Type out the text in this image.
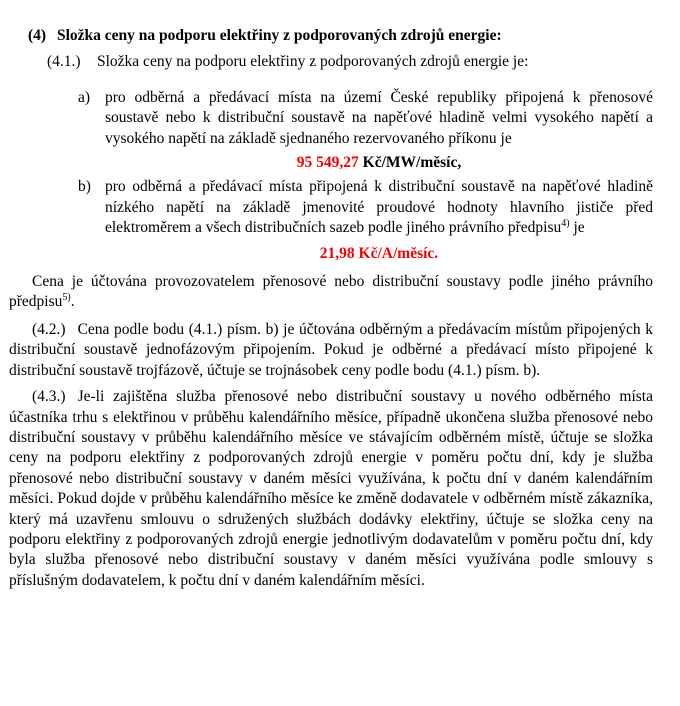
(4) Složka ceny na podporu elektřiny z podporovaných zdrojů energie:
(4.1.) Složka ceny na podporu elektřiny z podporovaných zdrojů energie je:
a) pro odběrná a předávací místa na území České republiky připojená k přenosové soustavě nebo k distribuční soustavě na napěťové hladině velmi vysokého napětí a vysokého napětí na základě sjednaného rezervovaného příkonu je
95 549,27 Kč/MW/měsíc,
b) pro odběrná a předávací místa připojená k distribuční soustavě na napěťové hladině nízkého napětí na základě jmenovité proudové hodnoty hlavního jističe před elektroměrem a všech distribučních sazeb podle jiného právního předpisu$^{4)}$ je
21,98 Kč/A/měsíc.

Cena je účtována provozovatelem přenosové nebo distribuční soustavy podle jiného právního předpisu$^{5)}$.

(4.2.) Cena podle bodu (4.1.) písm. b) je účtována odběrným a předávacím místům připojených k distribuční soustavě jednofázovým připojením. Pokud je odběrné a předávací místo připojené k distribuční soustavě trojfázově, účtuje se trojnásobek ceny podle bodu (4.1.) písm. b).

(4.3.) Je-li zajištěna služba přenosové nebo distribuční soustavy u nového odběrného místa účastníka trhu s elektřinou v průběhu kalendářního měsíce, případně ukončena služba přenosové nebo distribuční soustavy v průběhu kalendářního měsíce ve stávajícím odběrném místě, účtuje se složka ceny na podporu elektřiny z podporovaných zdrojů energie v poměru počtu dní, kdy je služba přenosové nebo distribuční soustavy v daném měsíci využívána, k počtu dní v daném kalendářním měsíci. Pokud dojde v průběhu kalendářního měsíce ke změně dodavatele v odběrném místě zákazníka, který má uzavřenu smlouvu o sdružených službách dodávky elektřiny, účtuje se složka ceny na podporu elektřiny z podporovaných zdrojů energie jednotlivým dodavatelům v poměru počtu dní, kdy byla služba přenosové nebo distribuční soustavy v daném měsíci využívána podle smlouvy s příslušným dodavatelem, k počtu dní v daném kalendářním měsíci.
